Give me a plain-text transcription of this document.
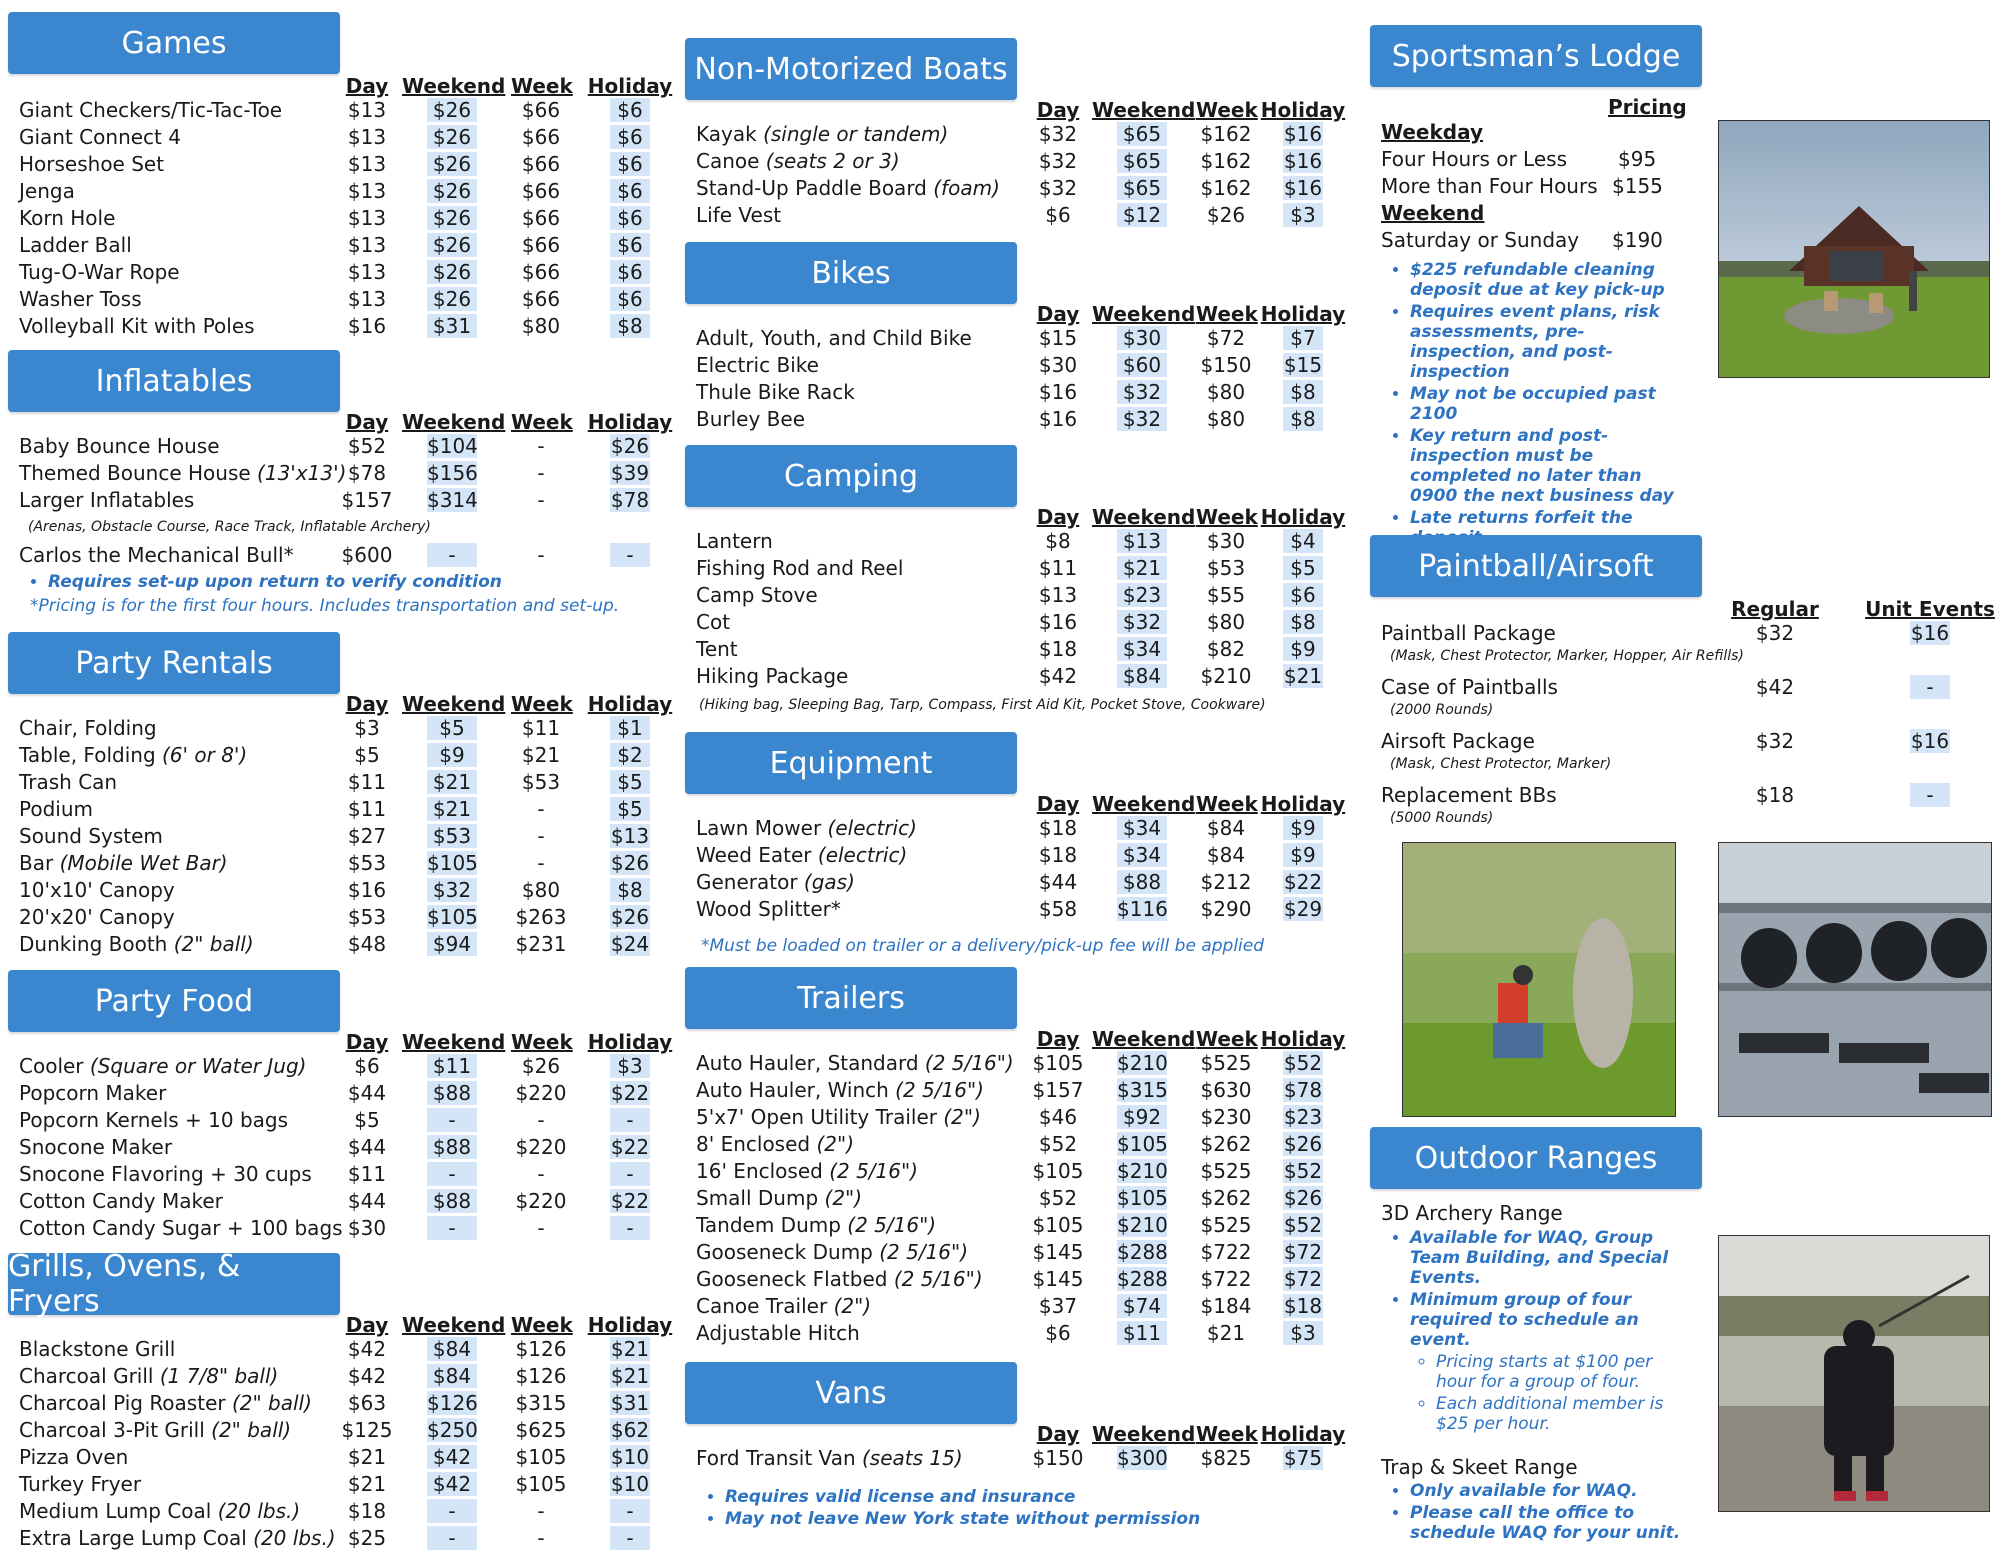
Games
Day Weekend Week Holiday
Giant Checkers/Tic-Tac-Toe	$13	$26	$66	$6
Giant Connect 4	$13	$26	$66	$6
Horseshoe Set	$13	$26	$66	$6
Jenga	$13	$26	$66	$6
Korn Hole	$13	$26	$66	$6
Ladder Ball	$13	$26	$66	$6
Tug-O-War Rope	$13	$26	$66	$6
Washer Toss	$13	$26	$66	$6
Volleyball Kit with Poles	$16	$31	$80	$8
Inflatables
Day Weekend Week Holiday
Baby Bounce House	$52	$104	-	$26
Themed Bounce House (13'x13') $78	$156	-	$39
Larger Inflatables	$157 $314	-	$78
(Arenas, Obstacle Course, Race Track, Inflatable Archery)
Carlos the Mechanical Bull* $600	-	-	-
• Requires set-up upon return to verify condition
*Pricing is for the first four hours. Includes transportation and set-up.
Party Rentals
Day Weekend Week Holiday
Chair, Folding	$3	$5	$11	$1
Table, Folding (6' or 8')	$5	$9	$21	$2
Trash Can	$11	$21	$53	$5
Podium	$11	$21	-	$5
Sound System	$27	$53	-	$13
Bar (Mobile Wet Bar)	$53	$105	-	$26
10'x10' Canopy	$16	$32	$80	$8
20'x20' Canopy	$53	$105 $263 $26
Dunking Booth (2" ball)	$48	$94 $231 $24
Party Food
Day Weekend Week Holiday
Cooler (Square or Water Jug)	$6	$11	$26	$3
Popcorn Maker	$44	$88 $220 $22
Popcorn Kernels + 10 bags	$5	-	-	-
Snocone Maker	$44	$88 $220 $22
Snocone Flavoring + 30 cups	$11	-	-	-
Cotton Candy Maker	$44	$88 $220 $22
Cotton Candy Sugar + 100 bags $30	-	-	-
Grills, Ovens, & Fryers
Day Weekend Week Holiday
Blackstone Grill	$42	$84 $126 $21
Charcoal Grill (1 7/8" ball)	$42	$84 $126 $21
Charcoal Pig Roaster (2" ball)	$63	$126 $315 $31
Charcoal 3-Pit Grill (2" ball)	$125 $250 $625 $62
Pizza Oven	$21	$42 $105 $10
Turkey Fryer	$21	$42 $105 $10
Medium Lump Coal (20 lbs.)	$18	-	-	-
Extra Large Lump Coal (20 lbs.) $25	-	-	-
Non-Motorized Boats
Day Weekend Week Holiday
Kayak (single or tandem)	$32	$65 $162 $16
Canoe (seats 2 or 3)	$32	$65 $162 $16
Stand-Up Paddle Board (foam)	$32	$65 $162 $16
Life Vest	$6	$12	$26	$3
Bikes
Day Weekend Week Holiday
Adult, Youth, and Child Bike	$15	$30	$72	$7
Electric Bike	$30	$60 $150 $15
Thule Bike Rack	$16	$32	$80	$8
Burley Bee	$16	$32	$80	$8
Camping
Day Weekend Week Holiday
Lantern	$8	$13	$30	$4
Fishing Rod and Reel	$11	$21	$53	$5
Camp Stove	$13	$23	$55	$6
Cot	$16	$32	$80	$8
Tent	$18	$34	$82	$9
Hiking Package	$42	$84 $210 $21
(Hiking bag, Sleeping Bag, Tarp, Compass, First Aid Kit, Pocket Stove, Cookware)
Equipment
Day Weekend Week Holiday
Lawn Mower (electric)	$18	$34	$84	$9
Weed Eater (electric)	$18	$34	$84	$9
Generator (gas)	$44	$88 $212 $22
Wood Splitter*	$58	$116 $290 $29
*Must be loaded on trailer or a delivery/pick-up fee will be applied
Trailers
Day Weekend Week Holiday
Auto Hauler, Standard (2 5/16") $105 $210 $525 $52
Auto Hauler, Winch (2 5/16") $157 $315 $630 $78
5'x7' Open Utility Trailer (2")	$46	$92 $230 $23
8' Enclosed (2")	$52	$105 $262 $26
16' Enclosed (2 5/16")	$105 $210 $525 $52
Small Dump (2")	$52	$105 $262 $26
Tandem Dump (2 5/16")	$105 $210 $525 $52
Gooseneck Dump (2 5/16")	$145 $288 $722 $72
Gooseneck Flatbed (2 5/16") $145 $288 $722 $72
Canoe Trailer (2")	$37	$74 $184 $18
Adjustable Hitch	$6	$11	$21	$3
Vans
Day Weekend Week Holiday
Ford Transit Van (seats 15)	$150 $300 $825 $75
• Requires valid license and insurance
• May not leave New York state without permission
Sportsman’s Lodge
Pricing
Weekday
Four Hours or Less	$95
More than Four Hours $155
Weekend
Saturday or Sunday $190
• $225 refundable cleaning deposit due at key pick-up
• Requires event plans, risk assessments, pre-inspection, and post-inspection
• May not be occupied past 2100
• Key return and post-inspection must be completed no later than 0900 the next business day
• Late returns forfeit the
Paintball/Airsoft
Regular	Unit Events
Paintball Package	$32	$16
(Mask, Chest Protector, Marker, Hopper, Air Refills)
Case of Paintballs	$42	-
(2000 Rounds)
Airsoft Package	$32	$16
(Mask, Chest Protector, Marker)
Replacement BBs	$18	-
(5000 Rounds)
Outdoor Ranges
3D Archery Range
• Available for WAQ, Group Team Building, and Special Events.
• Minimum group of four required to schedule an event.
◦ Pricing starts at $100 per hour for a group of four.
◦ Each additional member is $25 per hour.
Trap & Skeet Range
• Only available for WAQ.
• Please call the office to schedule WAQ for your unit.
